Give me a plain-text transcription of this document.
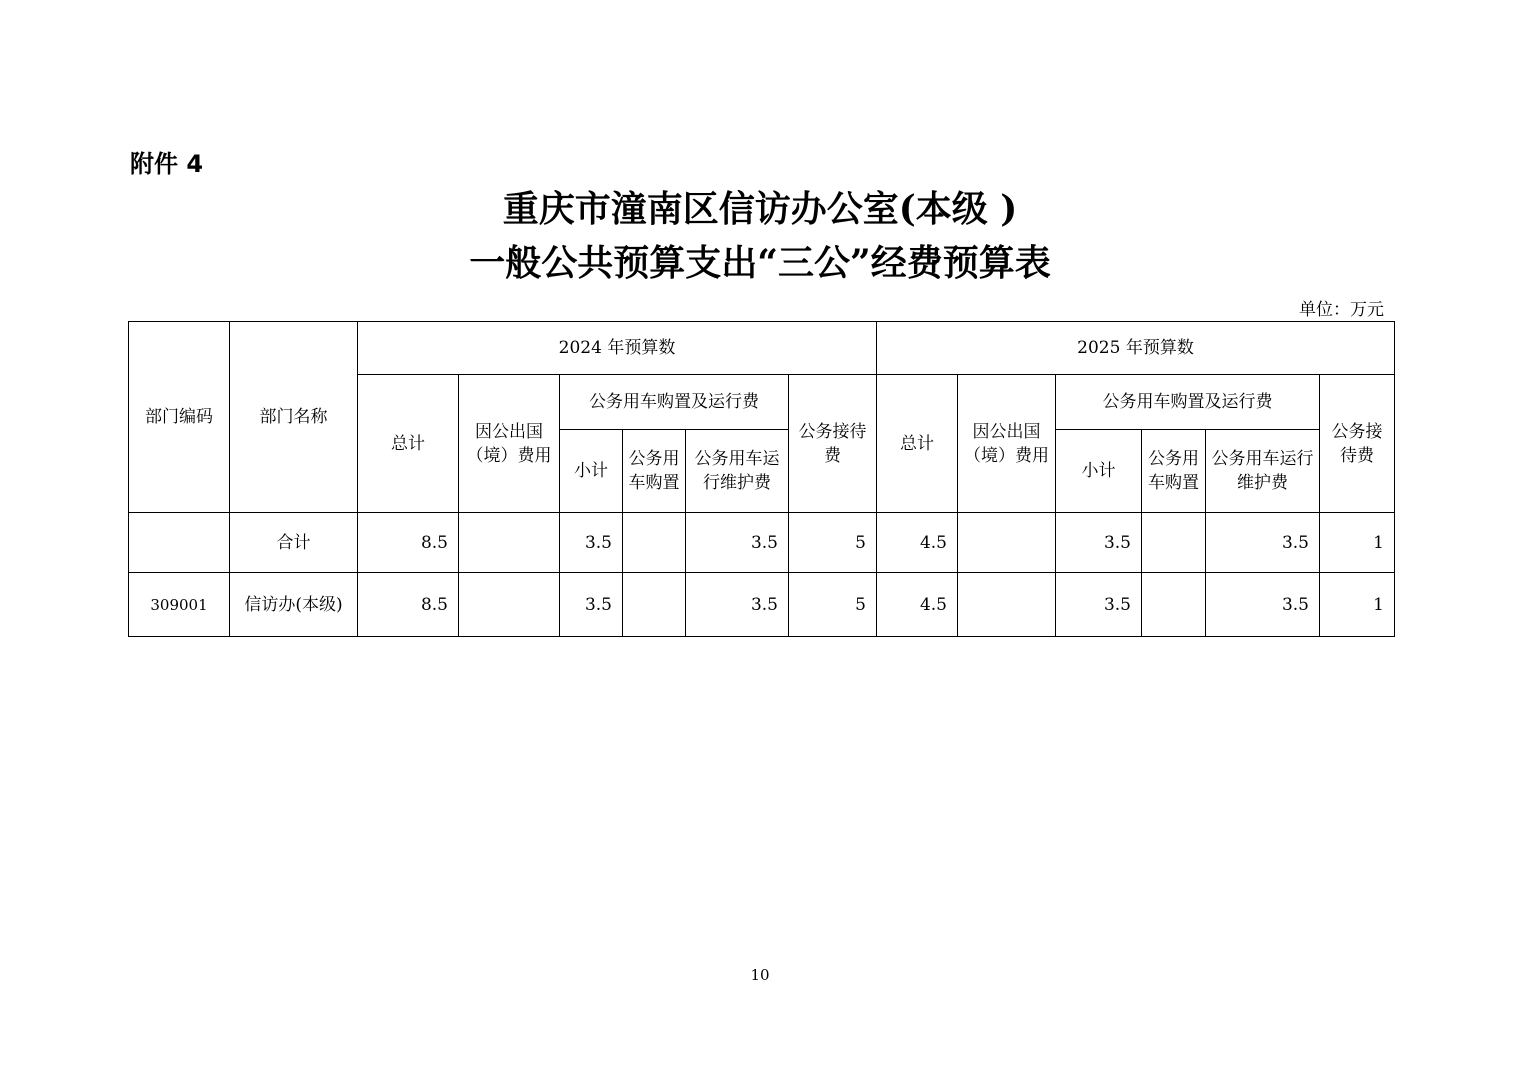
附件 4
重庆市潼南区信访办公室(本级 )
一般公共预算支出“三公”经费预算表
单位：万元
部门编码	部门名称	2024 年预算数						2025 年预算数					
		总计	因公出国（境）费用	公务用车购置及运行费			公务接待费	总计	因公出国（境）费用	公务用车购置及运行费			公务接待费
				小计	公务用车购置	公务用车运行维护费				小计	公务用车购置	公务用车运行维护费	
	合计	8.5		3.5		3.5	5	4.5		3.5		3.5	1
309001	信访办(本级)	8.5		3.5		3.5	5	4.5		3.5		3.5	1
10
